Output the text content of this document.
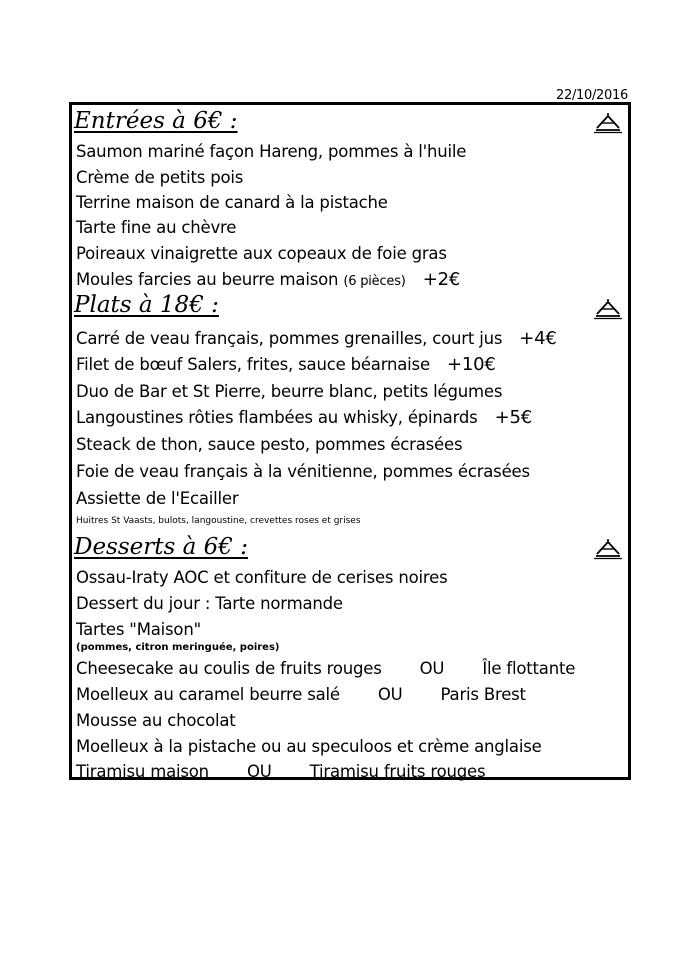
22/10/2016
Entrées à 6€ :
Saumon mariné façon Hareng, pommes à l'huile
Crème de petits pois
Terrine maison de canard à la pistache
Tarte fine au chèvre
Poireaux vinaigrette aux copeaux de foie gras
Moules farcies au beurre maison (6 pièces) +2€
Plats à 18€ :
Carré de veau français, pommes grenailles, court jus +4€
Filet de bœuf Salers, frites, sauce béarnaise +10€
Duo de Bar et St Pierre, beurre blanc, petits légumes
Langoustines rôties flambées au whisky, épinards +5€
Steack de thon, sauce pesto, pommes écrasées
Foie de veau français à la vénitienne, pommes écrasées
Assiette de l'Ecailler
Huitres St Vaasts, bulots, langoustine, crevettes roses et grises
Desserts à 6€ :
Ossau-Iraty AOC et confiture de cerises noires
Dessert du jour : Tarte normande
Tartes "Maison"
(pommes, citron meringuée, poires)
Cheesecake au coulis de fruits rouges OU Île flottante
Moelleux au caramel beurre salé OU Paris Brest
Mousse au chocolat
Moelleux à la pistache ou au speculoos et crème anglaise
Tiramisu maison OU Tiramisu fruits rouges
